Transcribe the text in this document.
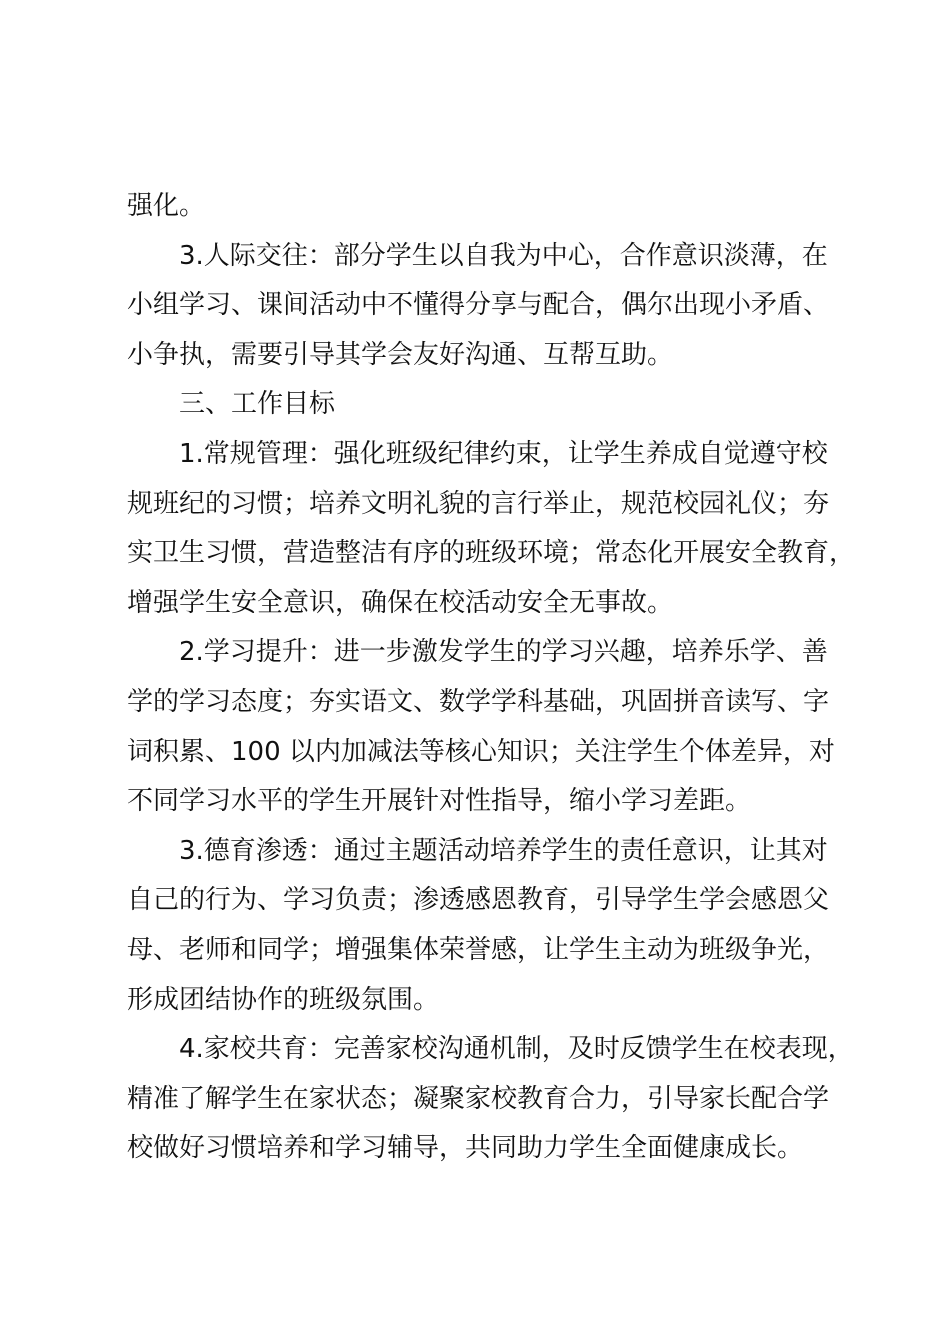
强化。
3.人际交往：部分学生以自我为中心，合作意识淡薄，在
小组学习、课间活动中不懂得分享与配合，偶尔出现小矛盾、
小争执，需要引导其学会友好沟通、互帮互助。
三、工作目标
1.常规管理：强化班级纪律约束，让学生养成自觉遵守校
规班纪的习惯；培养文明礼貌的言行举止，规范校园礼仪；夯
实卫生习惯，营造整洁有序的班级环境；常态化开展安全教育，
增强学生安全意识，确保在校活动安全无事故。
2.学习提升：进一步激发学生的学习兴趣，培养乐学、善
学的学习态度；夯实语文、数学学科基础，巩固拼音读写、字
词积累、100 以内加减法等核心知识；关注学生个体差异，对
不同学习水平的学生开展针对性指导，缩小学习差距。
3.德育渗透：通过主题活动培养学生的责任意识，让其对
自己的行为、学习负责；渗透感恩教育，引导学生学会感恩父
母、老师和同学；增强集体荣誉感，让学生主动为班级争光，
形成团结协作的班级氛围。
4.家校共育：完善家校沟通机制，及时反馈学生在校表现，
精准了解学生在家状态；凝聚家校教育合力，引导家长配合学
校做好习惯培养和学习辅导，共同助力学生全面健康成长。
